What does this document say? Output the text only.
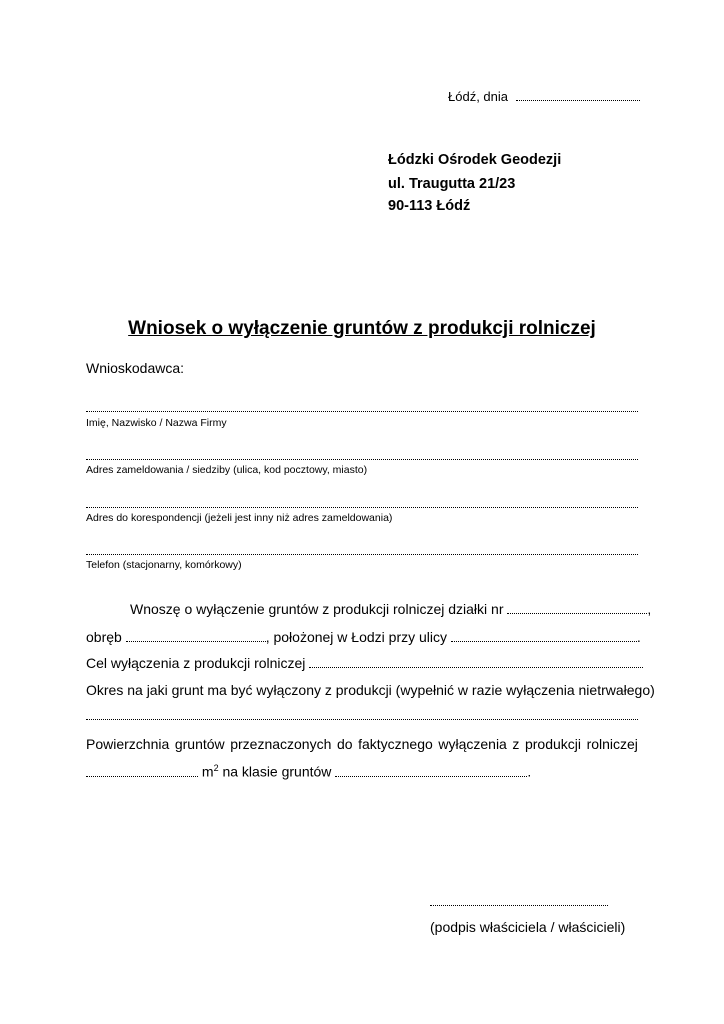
Łódź, dnia
Łódzki Ośrodek Geodezji
ul. Traugutta 21/23
90-113 Łódź
Wniosek o wyłączenie gruntów z produkcji rolniczej
Wnioskodawca:
Imię, Nazwisko / Nazwa Firmy
Adres zameldowania / siedziby (ulica, kod pocztowy, miasto)
Adres do korespondencji (jeżeli jest inny niż adres zameldowania)
Telefon (stacjonarny, komórkowy)
Wnoszę o wyłączenie gruntów z produkcji rolniczej działki nr	,
obręb	, położonej w Łodzi przy ulicy	.
Cel wyłączenia z produkcji rolniczej
Okres na jaki grunt ma być wyłączony z produkcji (wypełnić w razie wyłączenia nietrwałego)
Powierzchnia gruntów przeznaczonych do faktycznego wyłączenia z produkcji rolniczej
$m^2$ na klasie gruntów	.
(podpis właściciela / właścicieli)
